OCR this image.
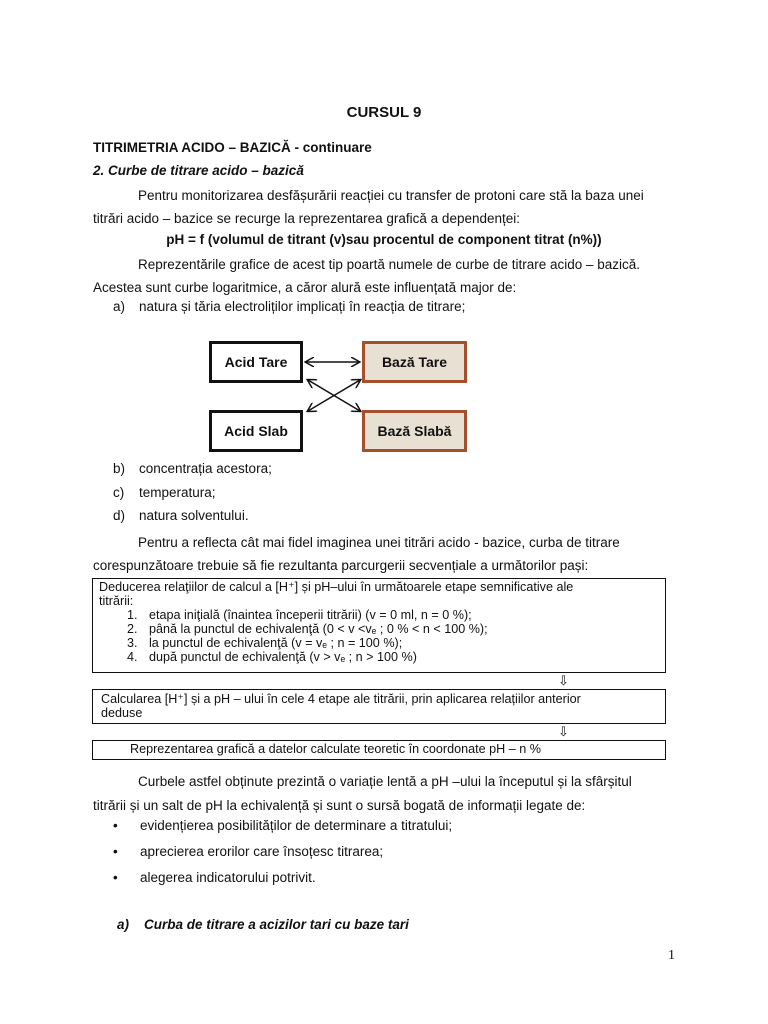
CURSUL 9
TITRIMETRIA ACIDO – BAZICĂ - continuare
2. Curbe de titrare acido – bazică
Pentru monitorizarea desfășurării reacției cu transfer de protoni care stă la baza unei
titrări acido – bazice se recurge la reprezentarea grafică a dependenței:
pH = f (volumul de titrant (v)sau procentul de component titrat (n%))
Reprezentările grafice de acest tip poartă numele de curbe de titrare acido – bazică.
Acestea sunt curbe logaritmice, a căror alură este influențată major de:
a) natura și tăria electroliților implicați în reacția de titrare;
Acid Tare	Bază Tare
Acid Slab	Bază Slabă
b) concentrația acestora;
c) temperatura;
d) natura solventului.
Pentru a reflecta cât mai fidel imaginea unei titrări acido - bazice, curba de titrare
corespunzătoare trebuie să fie rezultanta parcurgerii secvențiale a următorilor pași:
Deducerea relaţiilor de calcul a [H⁺] și pH–ului în următoarele etape semnificative ale
titrării:
1. etapa iniţială (înaintea începerii titrării) (v = 0 ml, n = 0 %);
2. până la punctul de echivalenţă (0 < v <vₑ ; 0 % < n < 100 %);
3. la punctul de echivalenţă (v = vₑ ; n = 100 %);
4. după punctul de echivalenţă (v > vₑ ; n > 100 %)
⇩
Calcularea [H⁺] și a pH – ului în cele 4 etape ale titrării, prin aplicarea relațiilor anterior
deduse
⇩
Reprezentarea grafică a datelor calculate teoretic în coordonate pH – n %
Curbele astfel obținute prezintă o variație lentă a pH –ului la începutul și la sfârșitul
titrării și un salt de pH la echivalență și sunt o sursă bogată de informații legate de:
• evidențierea posibilităților de determinare a titratului;
• aprecierea erorilor care însoțesc titrarea;
• alegerea indicatorului potrivit.
a)    Curba de titrare a acizilor tari cu baze tari
1
